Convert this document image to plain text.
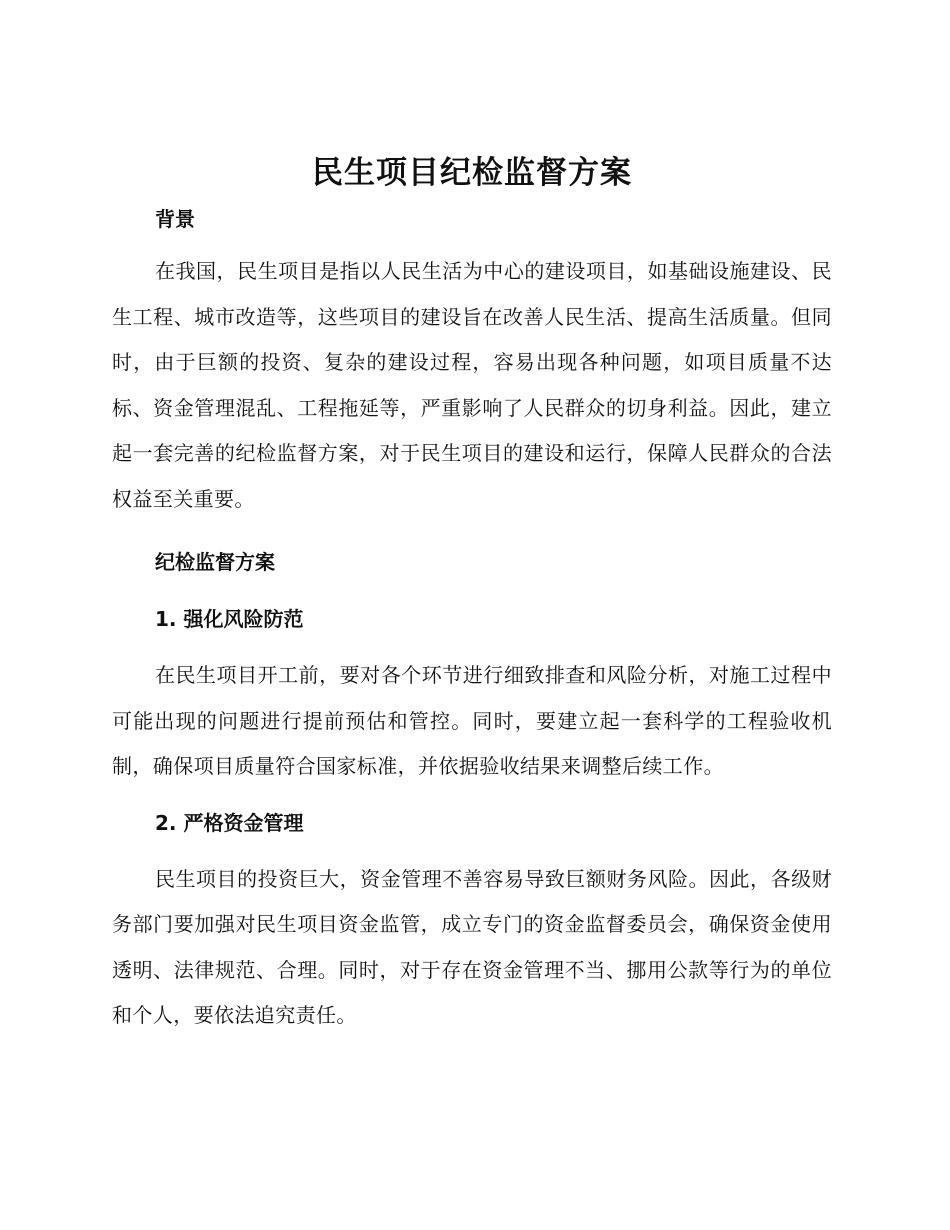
民生项目纪检监督方案
背景

在我国，民生项目是指以人民生活为中心的建设项目，如基础设施建设、民生工程、城市改造等，这些项目的建设旨在改善人民生活、提高生活质量。但同时，由于巨额的投资、复杂的建设过程，容易出现各种问题，如项目质量不达标、资金管理混乱、工程拖延等，严重影响了人民群众的切身利益。因此，建立起一套完善的纪检监督方案，对于民生项目的建设和运行，保障人民群众的合法权益至关重要。

纪检监督方案
1. 强化风险防范

在民生项目开工前，要对各个环节进行细致排查和风险分析，对施工过程中可能出现的问题进行提前预估和管控。同时，要建立起一套科学的工程验收机制，确保项目质量符合国家标准，并依据验收结果来调整后续工作。

2. 严格资金管理

民生项目的投资巨大，资金管理不善容易导致巨额财务风险。因此，各级财务部门要加强对民生项目资金监管，成立专门的资金监督委员会，确保资金使用透明、法律规范、合理。同时，对于存在资金管理不当、挪用公款等行为的单位和个人，要依法追究责任。
